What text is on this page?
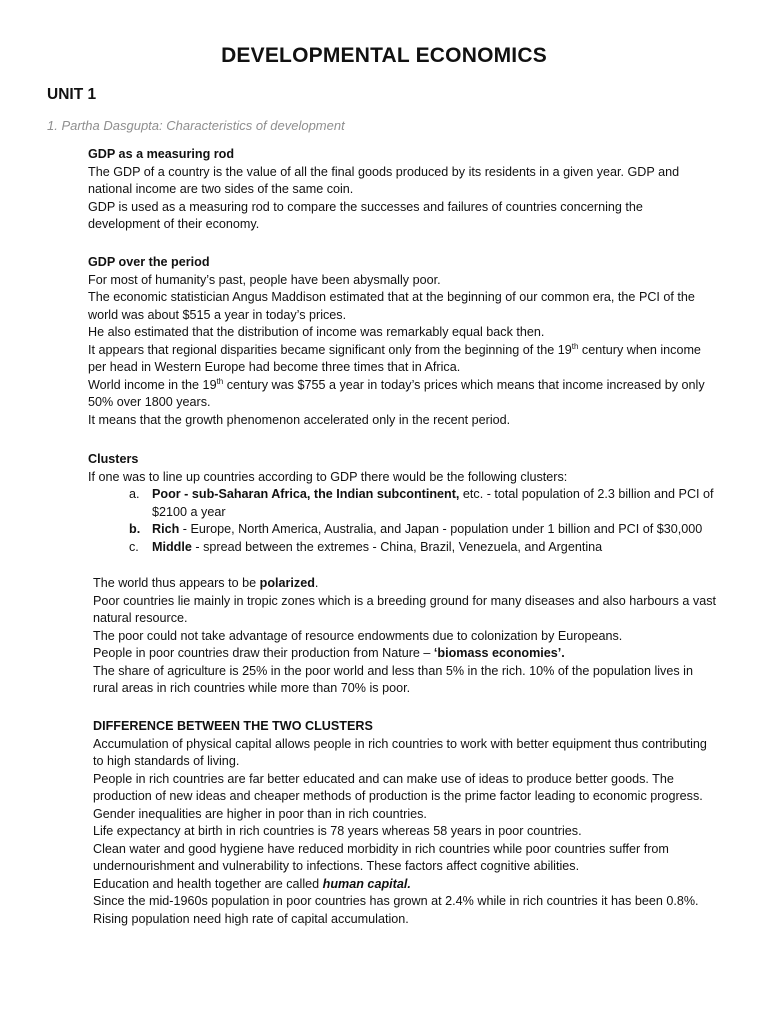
DEVELOPMENTAL ECONOMICS
UNIT 1
1. Partha Dasgupta: Characteristics of development
GDP as a measuring rod
The GDP of a country is the value of all the final goods produced by its residents in a given year. GDP and national income are two sides of the same coin.
GDP is used as a measuring rod to compare the successes and failures of countries concerning the development of their economy.
GDP over the period
For most of humanity’s past, people have been abysmally poor.
The economic statistician Angus Maddison estimated that at the beginning of our common era, the PCI of the world was about $515 a year in today’s prices.
He also estimated that the distribution of income was remarkably equal back then.
It appears that regional disparities became significant only from the beginning of the 19th century when income per head in Western Europe had become three times that in Africa.
World income in the 19th century was $755 a year in today’s prices which means that income increased by only 50% over 1800 years.
It means that the growth phenomenon accelerated only in the recent period.
Clusters
If one was to line up countries according to GDP there would be the following clusters:
a. Poor - sub-Saharan Africa, the Indian subcontinent, etc. - total population of 2.3 billion and PCI of $2100 a year
b. Rich - Europe, North America, Australia, and Japan - population under 1 billion and PCI of $30,000
c. Middle - spread between the extremes - China, Brazil, Venezuela, and Argentina
The world thus appears to be polarized.
Poor countries lie mainly in tropic zones which is a breeding ground for many diseases and also harbours a vast natural resource.
The poor could not take advantage of resource endowments due to colonization by Europeans.
People in poor countries draw their production from Nature – ‘biomass economies’.
The share of agriculture is 25% in the poor world and less than 5% in the rich. 10% of the population lives in rural areas in rich countries while more than 70% is poor.
DIFFERENCE BETWEEN THE TWO CLUSTERS
Accumulation of physical capital allows people in rich countries to work with better equipment thus contributing to high standards of living.
People in rich countries are far better educated and can make use of ideas to produce better goods. The production of new ideas and cheaper methods of production is the prime factor leading to economic progress.
Gender inequalities are higher in poor than in rich countries.
Life expectancy at birth in rich countries is 78 years whereas 58 years in poor countries.
Clean water and good hygiene have reduced morbidity in rich countries while poor countries suffer from undernourishment and vulnerability to infections. These factors affect cognitive abilities.
Education and health together are called human capital.
Since the mid-1960s population in poor countries has grown at 2.4% while in rich countries it has been 0.8%. Rising population need high rate of capital accumulation.
